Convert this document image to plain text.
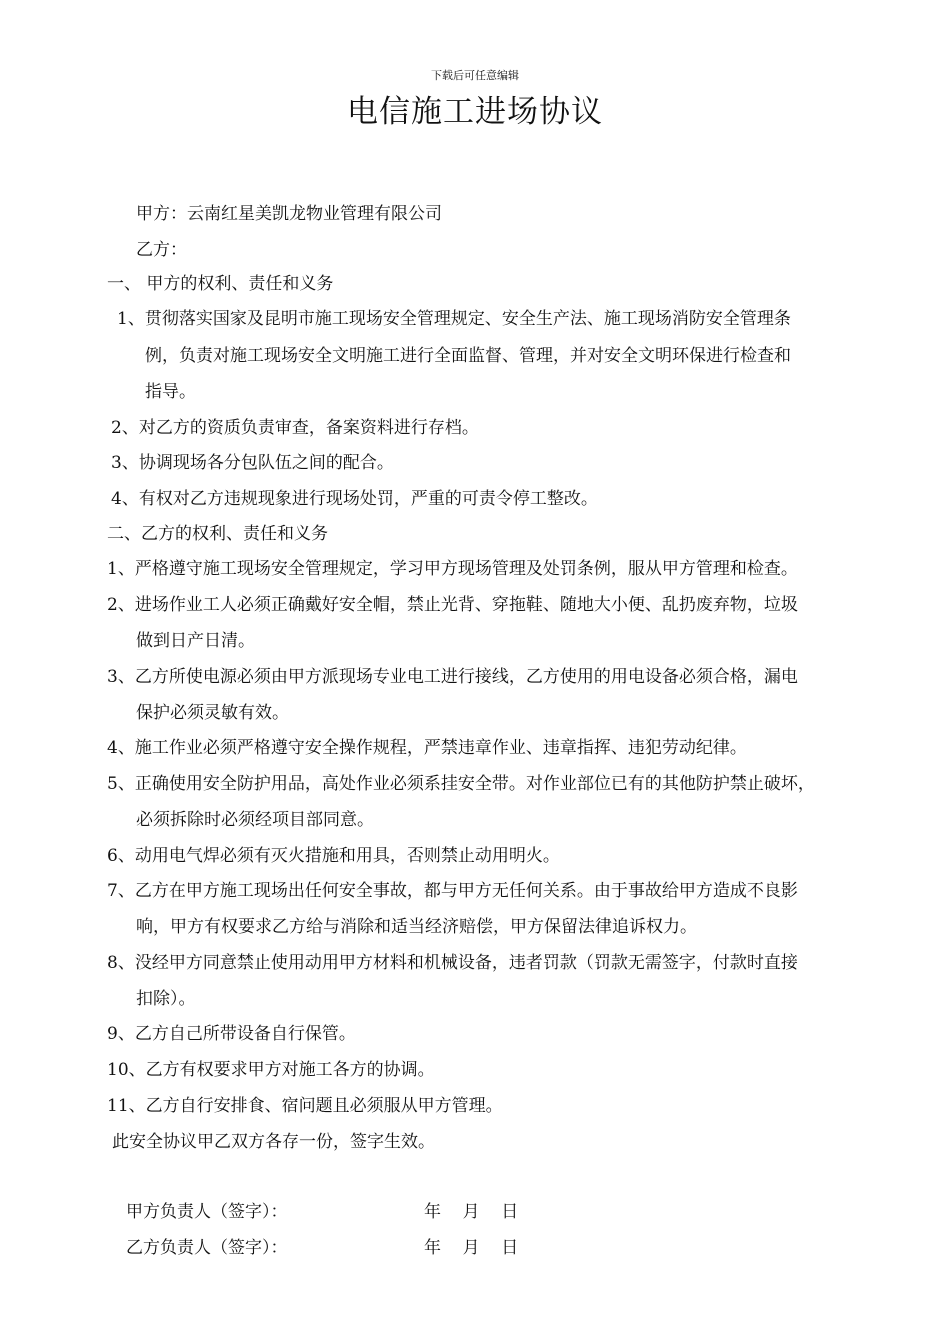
下载后可任意编辑
电信施工进场协议
甲方：云南红星美凯龙物业管理有限公司
乙方：
一、 甲方的权利、责任和义务
1、贯彻落实国家及昆明市施工现场安全管理规定、安全生产法、施工现场消防安全管理条
例，负责对施工现场安全文明施工进行全面监督、管理，并对安全文明环保进行检查和
指导。
2、对乙方的资质负责审查，备案资料进行存档。
3、协调现场各分包队伍之间的配合。
4、有权对乙方违规现象进行现场处罚，严重的可责令停工整改。
二、乙方的权利、责任和义务
1、严格遵守施工现场安全管理规定，学习甲方现场管理及处罚条例，服从甲方管理和检查。
2、进场作业工人必须正确戴好安全帽，禁止光背、穿拖鞋、随地大小便、乱扔废弃物，垃圾
做到日产日清。
3、乙方所使电源必须由甲方派现场专业电工进行接线，乙方使用的用电设备必须合格，漏电
保护必须灵敏有效。
4、施工作业必须严格遵守安全操作规程，严禁违章作业、违章指挥、违犯劳动纪律。
5、正确使用安全防护用品，高处作业必须系挂安全带。对作业部位已有的其他防护禁止破坏，
必须拆除时必须经项目部同意。
6、动用电气焊必须有灭火措施和用具，否则禁止动用明火。
7、乙方在甲方施工现场出任何安全事故，都与甲方无任何关系。由于事故给甲方造成不良影
响，甲方有权要求乙方给与消除和适当经济赔偿，甲方保留法律追诉权力。
8、没经甲方同意禁止使用动用甲方材料和机械设备，违者罚款（罚款无需签字，付款时直接
扣除）。
9、乙方自己所带设备自行保管。
10、乙方有权要求甲方对施工各方的协调。
11、乙方自行安排食、宿问题且必须服从甲方管理。
此安全协议甲乙双方各存一份，签字生效。
甲方负责人（签字）：	年    月    日
乙方负责人（签字）：	年    月    日
